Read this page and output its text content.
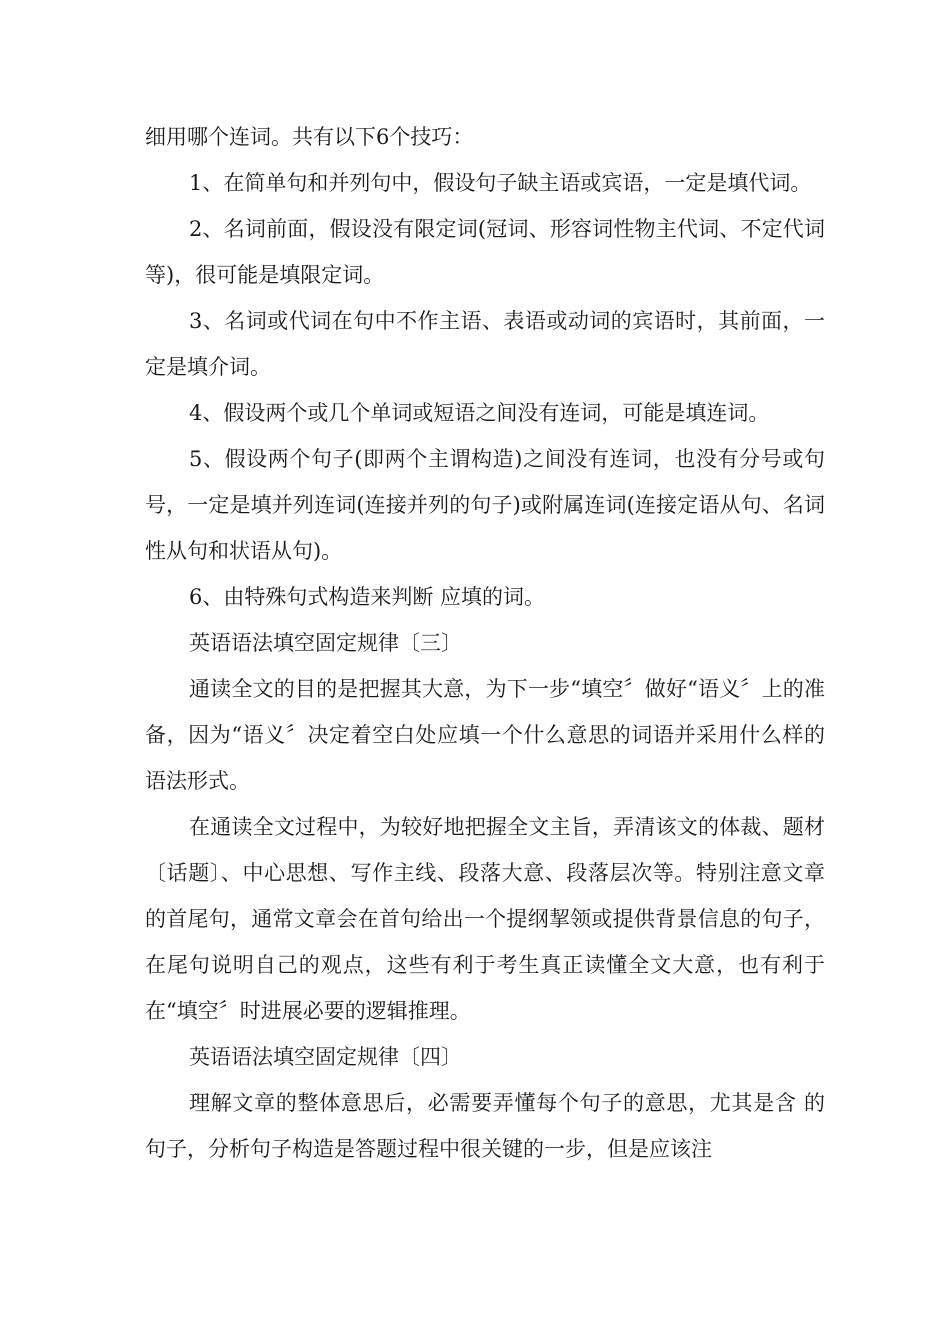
细用哪个连词。共有以下6个技巧：

1、在简单句和并列句中，假设句子缺主语或宾语，一定是填代词。

2、名词前面，假设没有限定词(冠词、形容词性物主代词、不定代词等)，很可能是填限定词。

3、名词或代词在句中不作主语、表语或动词的宾语时，其前面，一定是填介词。

4、假设两个或几个单词或短语之间没有连词，可能是填连词。

5、假设两个句子(即两个主谓构造)之间没有连词，也没有分号或句号，一定是填并列连词(连接并列的句子)或附属连词(连接定语从句、名词性从句和状语从句)。

6、由特殊句式构造来判断 应填的词。

英语语法填空固定规律〔三〕

通读全文的目的是把握其大意，为下一步“填空〞做好“语义〞上的准备，因为“语义〞决定着空白处应填一个什么意思的词语并采用什么样的语法形式。

在通读全文过程中，为较好地把握全文主旨，弄清该文的体裁、题材〔话题〕、中心思想、写作主线、段落大意、段落层次等。特别注意文章的首尾句，通常文章会在首句给出一个提纲挈领或提供背景信息的句子，在尾句说明自己的观点，这些有利于考生真正读懂全文大意，也有利于在“填空〞时进展必要的逻辑推理。

英语语法填空固定规律〔四〕

理解文章的整体意思后，必需要弄懂每个句子的意思，尤其是含 的句子，分析句子构造是答题过程中很关键的一步，但是应该注
